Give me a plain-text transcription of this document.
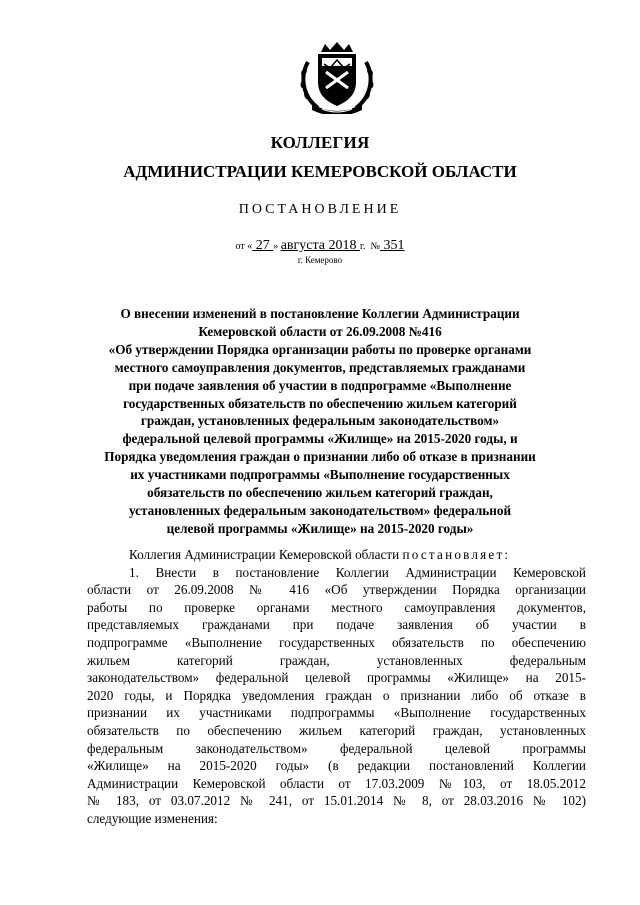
КОЛЛЕГИЯ
АДМИНИСТРАЦИИ КЕМЕРОВСКОЙ ОБЛАСТИ
ПОСТАНОВЛЕНИЕ
от « 27 » августа 2018 г. № 351
г. Кемерово
О внесении изменений в постановление Коллегии Администрации
Кемеровской области от 26.09.2008 №416
«Об утверждении Порядка организации работы по проверке органами
местного самоуправления документов, представляемых гражданами
при подаче заявления об участии в подпрограмме «Выполнение
государственных обязательств по обеспечению жильем категорий
граждан, установленных федеральным законодательством»
федеральной целевой программы «Жилище» на 2015-2020 годы, и
Порядка уведомления граждан о признании либо об отказе в признании
их участниками подпрограммы «Выполнение государственных
обязательств по обеспечению жильем категорий граждан,
установленных федеральным законодательством» федеральной
целевой программы «Жилище» на 2015-2020 годы»
Коллегия Администрации Кемеровской области постановляет:
1. Внести в постановление Коллегии Администрации Кемеровской
области от 26.09.2008 № 416 «Об утверждении Порядка организации
работы по проверке органами местного самоуправления документов,
представляемых гражданами при подаче заявления об участии в
подпрограмме «Выполнение государственных обязательств по обеспечению
жильем категорий граждан, установленных федеральным
законодательством» федеральной целевой программы «Жилище» на 2015-
2020 годы, и Порядка уведомления граждан о признании либо об отказе в
признании их участниками подпрограммы «Выполнение государственных
обязательств по обеспечению жильем категорий граждан, установленных
федеральным законодательством» федеральной целевой программы
«Жилище» на 2015-2020 годы» (в редакции постановлений Коллегии
Администрации Кемеровской области от 17.03.2009 №103, от 18.05.2012
№ 183, от 03.07.2012 № 241, от 15.01.2014 № 8, от 28.03.2016 № 102)
следующие изменения:
